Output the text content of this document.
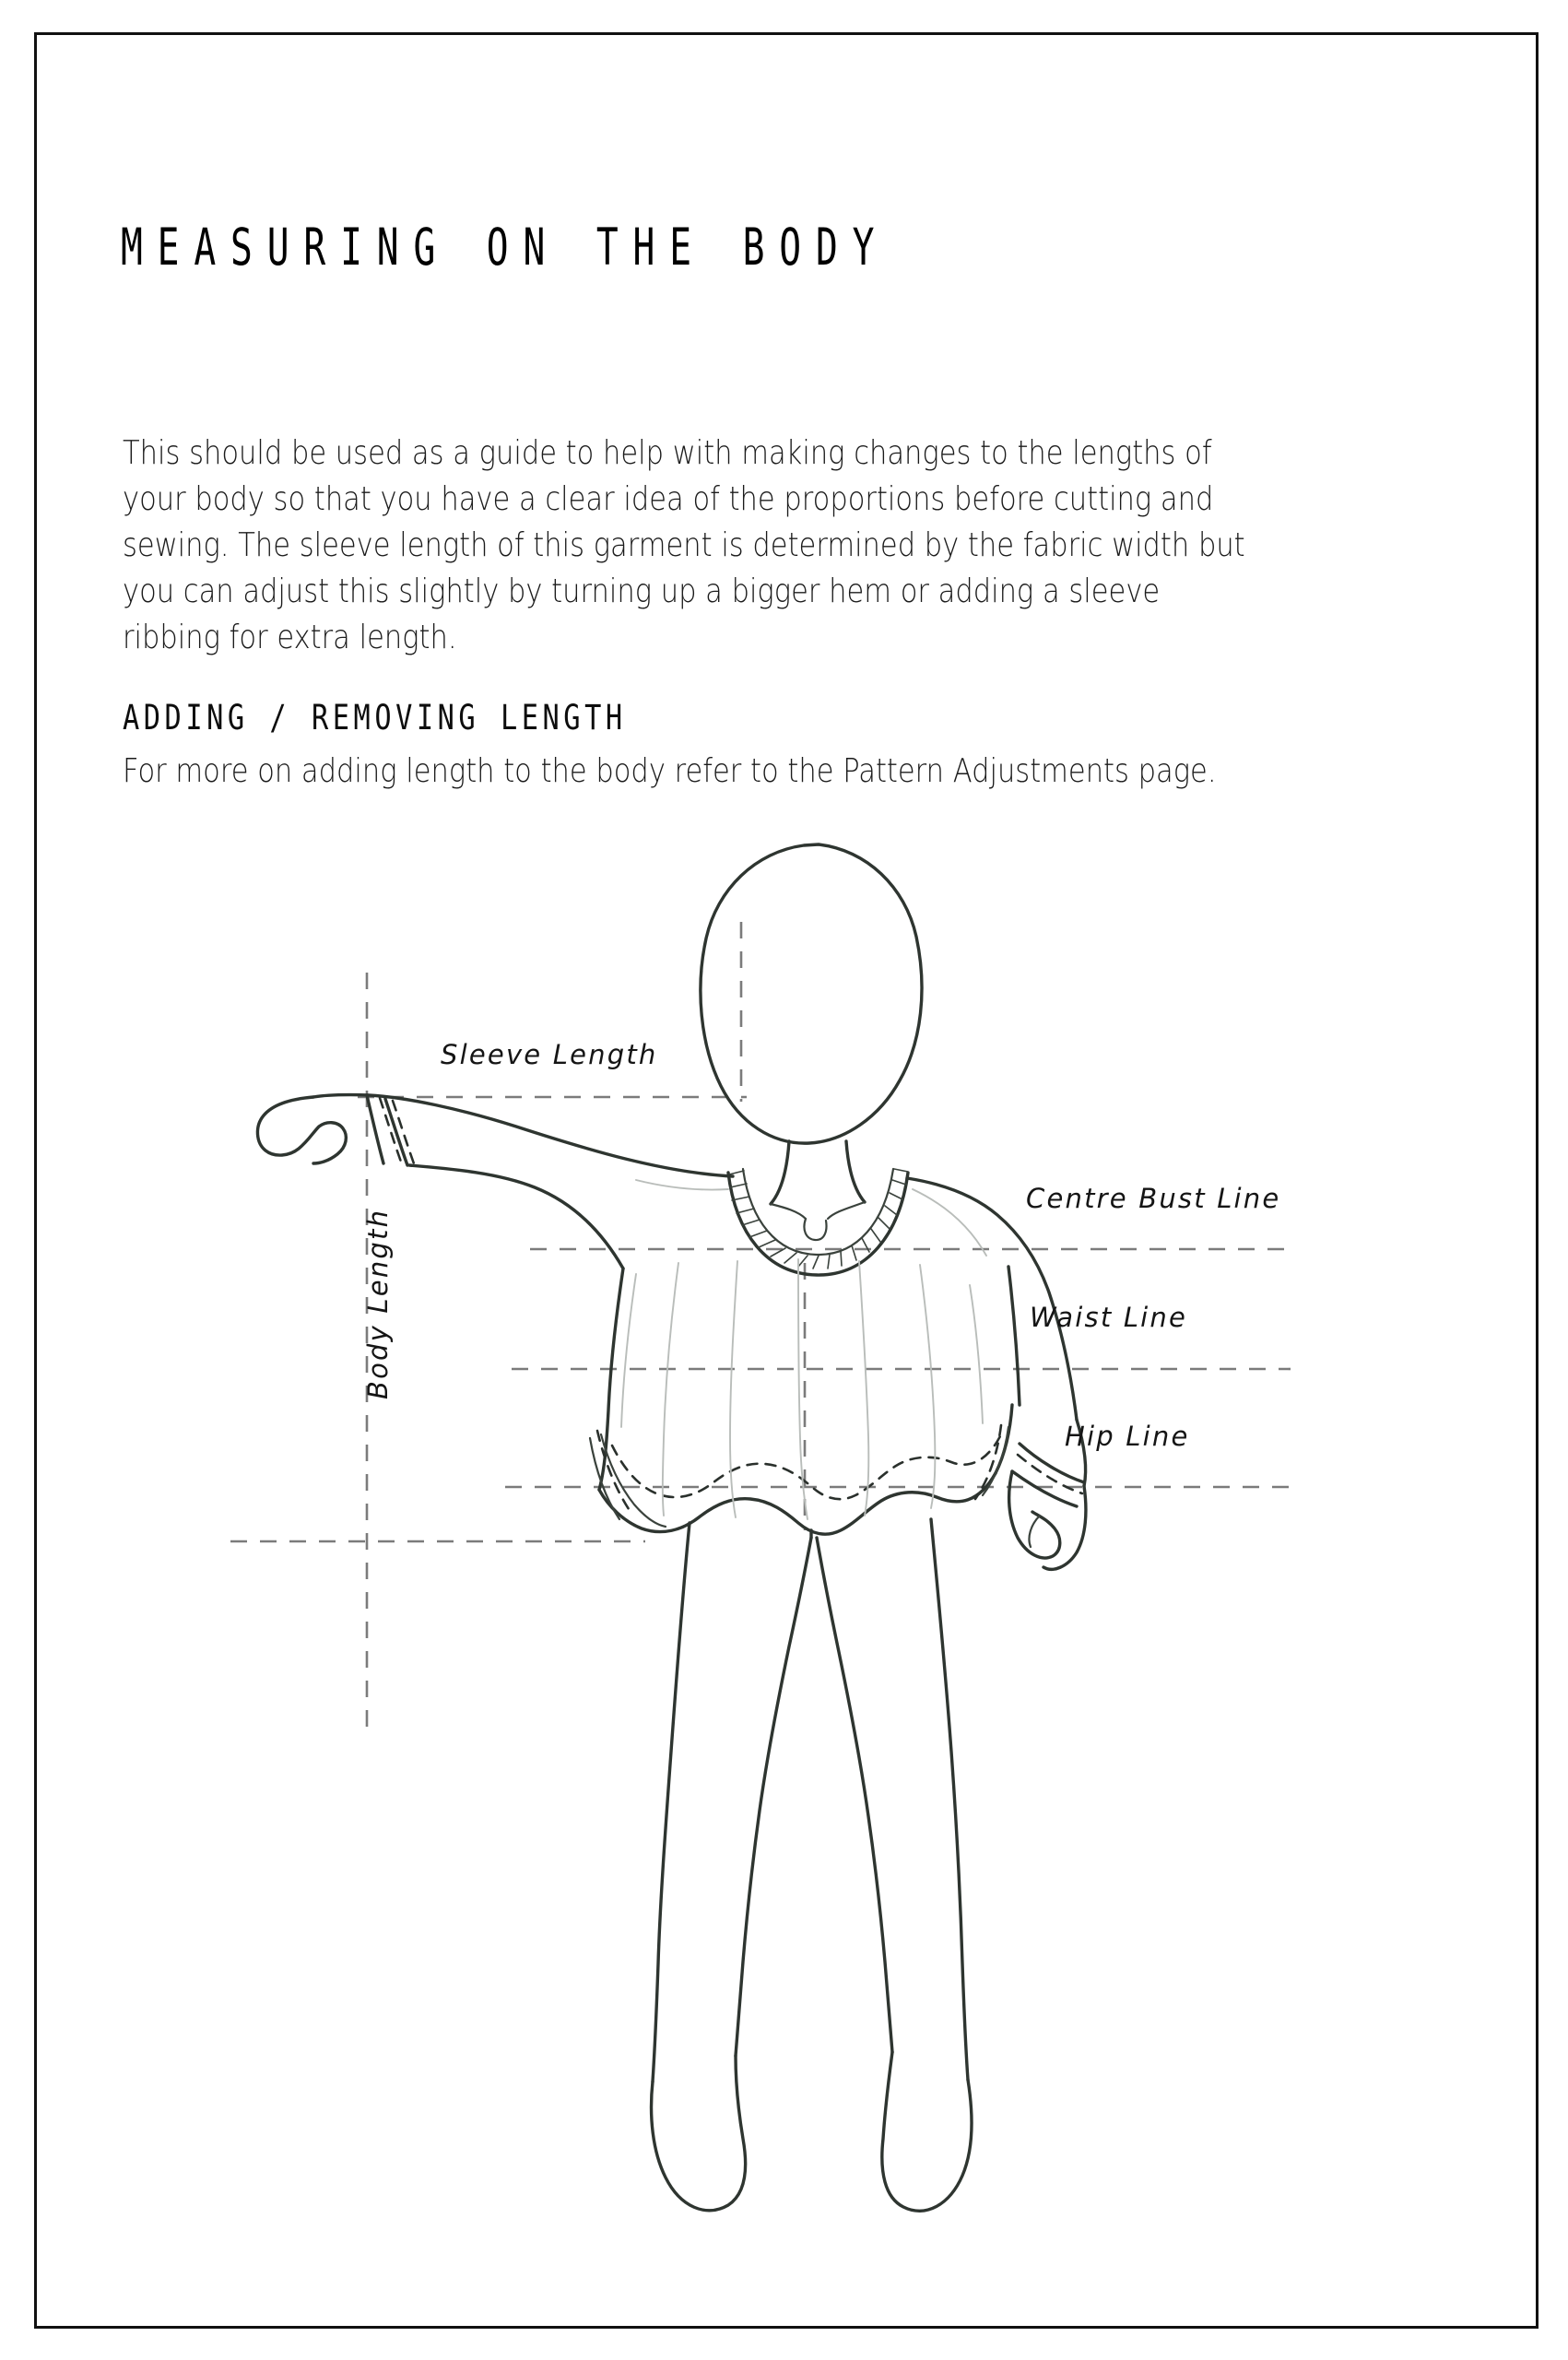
MEASURING ON THE BODY
This should be used as a guide to help with making changes to the lengths of your body so that you have a clear idea of the proportions before cutting and sewing. The sleeve length of this garment is determined by the fabric width but you can adjust this slightly by turning up a bigger hem or adding a sleeve ribbing for extra length.
ADDING / REMOVING LENGTH
For more on adding length to the body refer to the Pattern Adjustments page.
Sleeve Length
Centre Bust Line
Waist Line
Hip Line
Body Length
